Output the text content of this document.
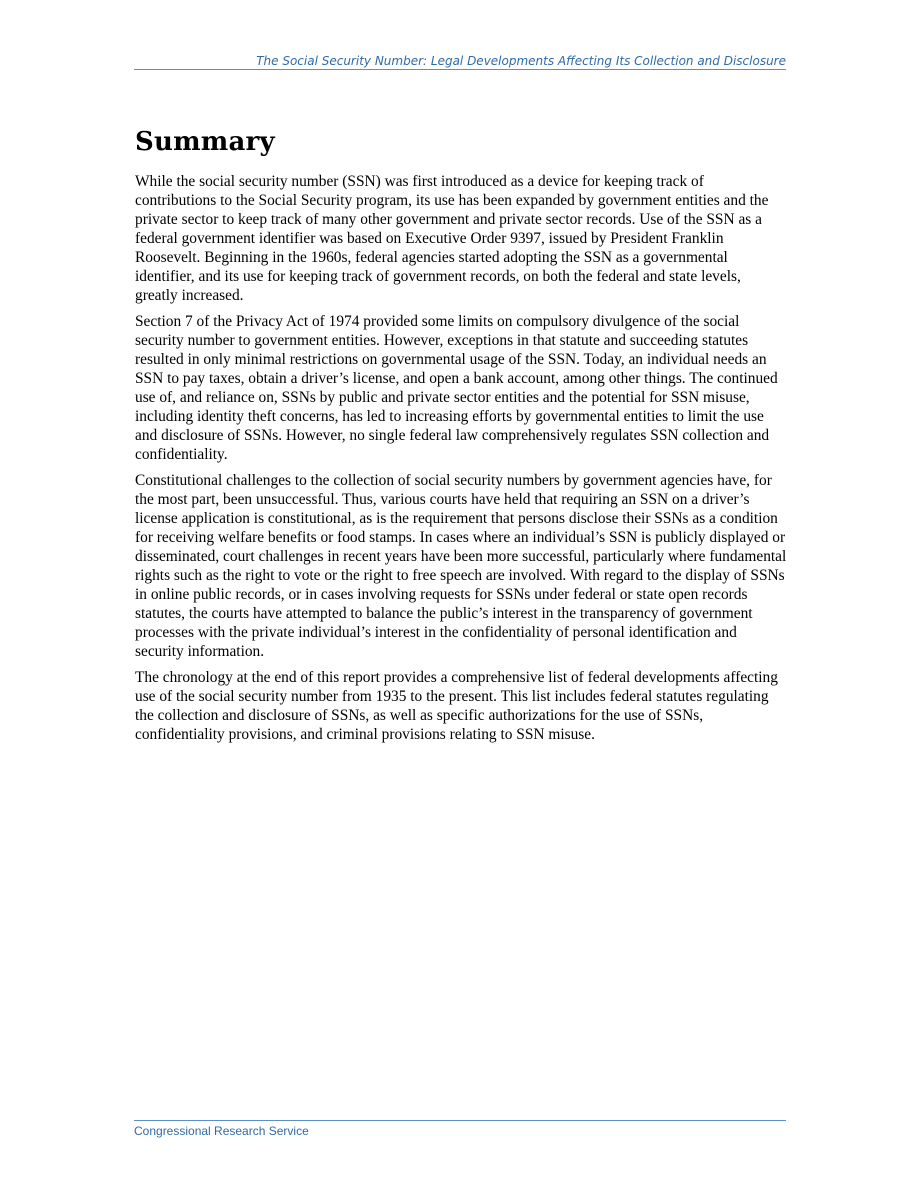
The Social Security Number: Legal Developments Affecting Its Collection and Disclosure
Summary

While the social security number (SSN) was first introduced as a device for keeping track of contributions to the Social Security program, its use has been expanded by government entities and the private sector to keep track of many other government and private sector records. Use of the SSN as a federal government identifier was based on Executive Order 9397, issued by President Franklin Roosevelt. Beginning in the 1960s, federal agencies started adopting the SSN as a governmental identifier, and its use for keeping track of government records, on both the federal and state levels, greatly increased.

Section 7 of the Privacy Act of 1974 provided some limits on compulsory divulgence of the social security number to government entities. However, exceptions in that statute and succeeding statutes resulted in only minimal restrictions on governmental usage of the SSN. Today, an individual needs an SSN to pay taxes, obtain a driver’s license, and open a bank account, among other things. The continued use of, and reliance on, SSNs by public and private sector entities and the potential for SSN misuse, including identity theft concerns, has led to increasing efforts by governmental entities to limit the use and disclosure of SSNs. However, no single federal law comprehensively regulates SSN collection and confidentiality.

Constitutional challenges to the collection of social security numbers by government agencies have, for the most part, been unsuccessful. Thus, various courts have held that requiring an SSN on a driver’s license application is constitutional, as is the requirement that persons disclose their SSNs as a condition for receiving welfare benefits or food stamps. In cases where an individual’s SSN is publicly displayed or disseminated, court challenges in recent years have been more successful, particularly where fundamental rights such as the right to vote or the right to free speech are involved. With regard to the display of SSNs in online public records, or in cases involving requests for SSNs under federal or state open records statutes, the courts have attempted to balance the public’s interest in the transparency of government processes with the private individual’s interest in the confidentiality of personal identification and security information.

The chronology at the end of this report provides a comprehensive list of federal developments affecting use of the social security number from 1935 to the present. This list includes federal statutes regulating the collection and disclosure of SSNs, as well as specific authorizations for the use of SSNs, confidentiality provisions, and criminal provisions relating to SSN misuse.

Congressional Research Service
